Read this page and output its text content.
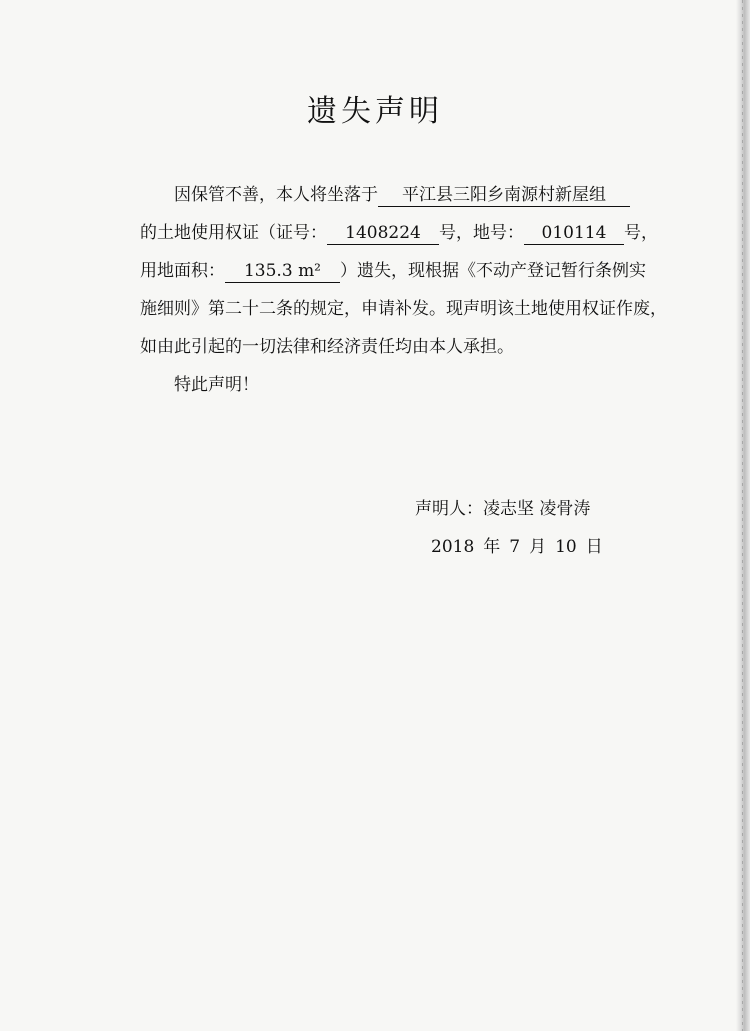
遗失声明
因保管不善，本人将坐落于 平江县三阳乡南源村新屋组
的土地使用权证（证号： 1408224 号，地号： 010114 号，
用地面积： 135.3 m² ）遗失，现根据《不动产登记暂行条例实
施细则》第二十二条的规定，申请补发。现声明该土地使用权证作废，
如由此引起的一切法律和经济责任均由本人承担。
特此声明！
声明人：凌志坚 凌骨涛
2018 年 7 月 10 日
